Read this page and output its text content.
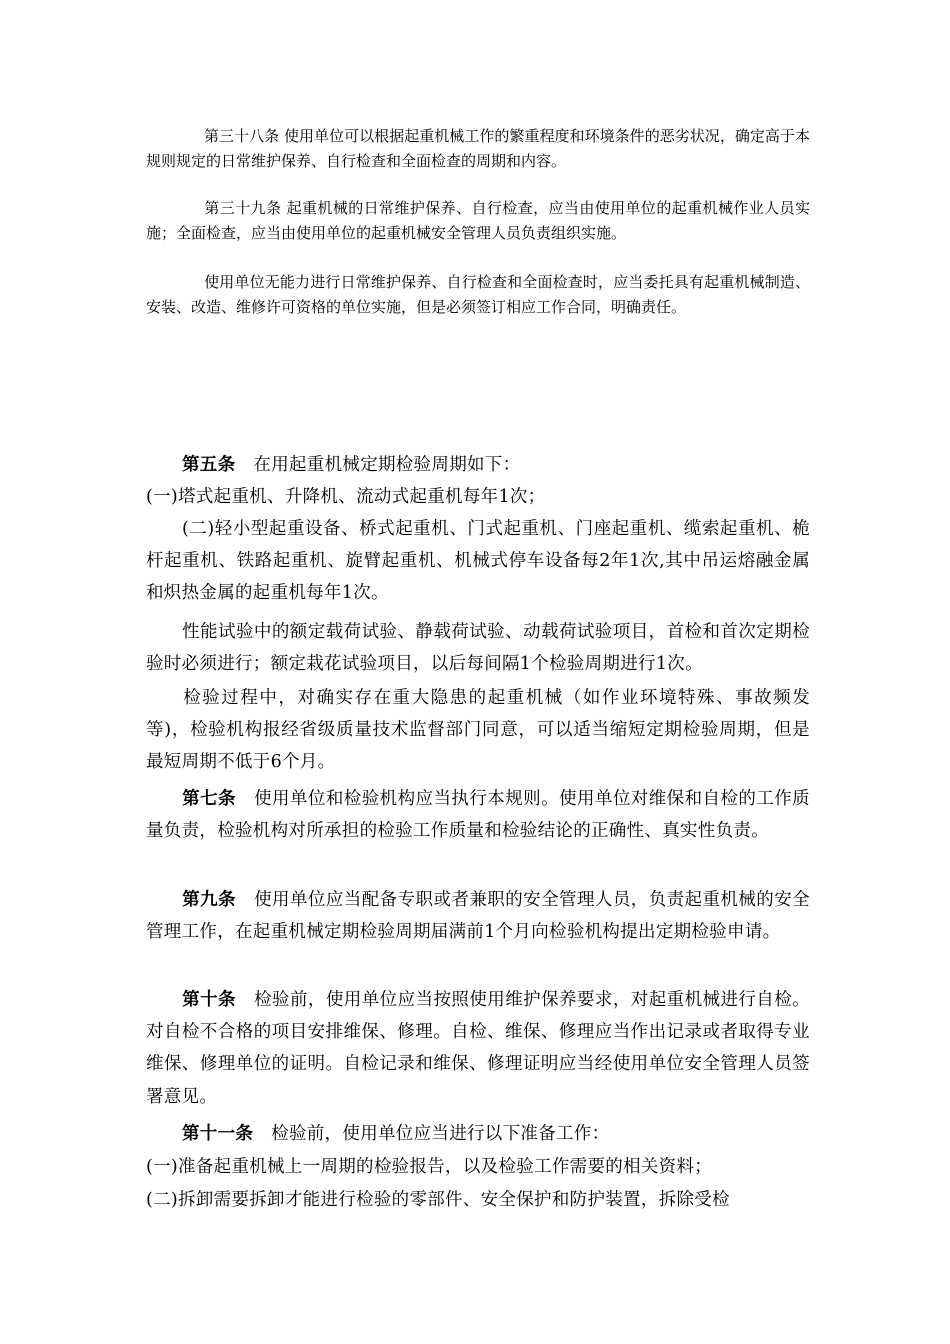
第三十八条 使用单位可以根据起重机械工作的繁重程度和环境条件的恶劣状况，确定高于本规则规定的日常维护保养、自行检查和全面检查的周期和内容。

第三十九条 起重机械的日常维护保养、自行检查，应当由使用单位的起重机械作业人员实施；全面检查，应当由使用单位的起重机械安全管理人员负责组织实施。

使用单位无能力进行日常维护保养、自行检查和全面检查时，应当委托具有起重机械制造、安装、改造、维修许可资格的单位实施，但是必须签订相应工作合同，明确责任。

第五条 在用起重机械定期检验周期如下：

(一)塔式起重机、升降机、流动式起重机每年1次；

(二)轻小型起重设备、桥式起重机、门式起重机、门座起重机、缆索起重机、桅杆起重机、铁路起重机、旋臂起重机、机械式停车设备每2年1次,其中吊运熔融金属和炽热金属的起重机每年1次。

性能试验中的额定载荷试验、静载荷试验、动载荷试验项目，首检和首次定期检验时必须进行；额定栽花试验项目，以后每间隔1个检验周期进行1次。

检验过程中，对确实存在重大隐患的起重机械（如作业环境特殊、事故频发等)，检验机构报经省级质量技术监督部门同意，可以适当缩短定期检验周期，但是最短周期不低于6个月。

第七条 使用单位和检验机构应当执行本规则。使用单位对维保和自检的工作质量负责，检验机构对所承担的检验工作质量和检验结论的正确性、真实性负责。

第九条 使用单位应当配备专职或者兼职的安全管理人员，负责起重机械的安全管理工作，在起重机械定期检验周期届满前1个月向检验机构提出定期检验申请。

第十条 检验前，使用单位应当按照使用维护保养要求，对起重机械进行自检。对自检不合格的项目安排维保、修理。自检、维保、修理应当作出记录或者取得专业维保、修理单位的证明。自检记录和维保、修理证明应当经使用单位安全管理人员签署意见。

第十一条 检验前，使用单位应当进行以下准备工作：

(一)准备起重机械上一周期的检验报告，以及检验工作需要的相关资料；

(二)拆卸需要拆卸才能进行检验的零部件、安全保护和防护装置，拆除受检
